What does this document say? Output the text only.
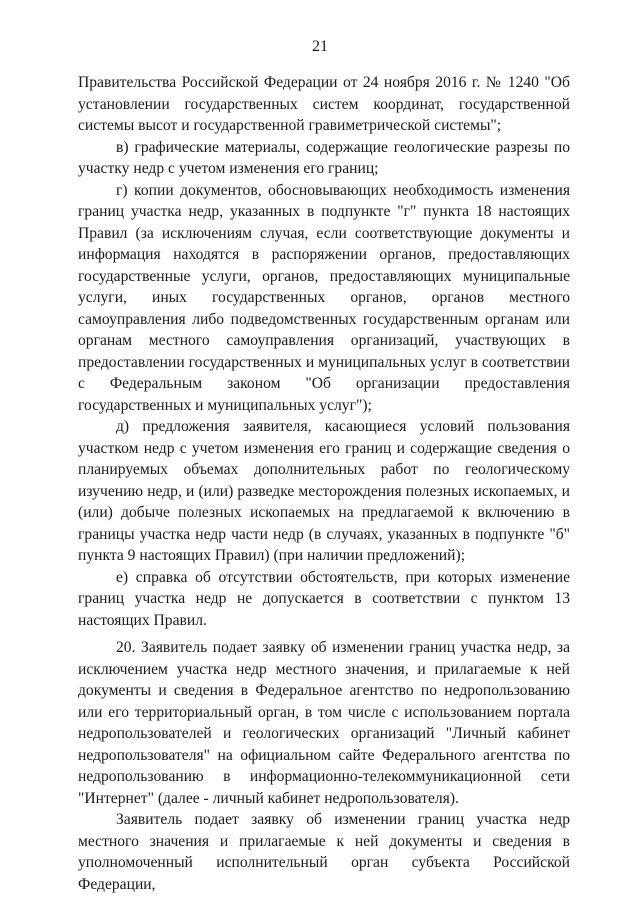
21

Правительства Российской Федерации от 24 ноября 2016 г. № 1240 "Об установлении государственных систем координат, государственной системы высот и государственной гравиметрической системы";

в) графические материалы, содержащие геологические разрезы по участку недр с учетом изменения его границ;

г) копии документов, обосновывающих необходимость изменения границ участка недр, указанных в подпункте "г" пункта 18 настоящих Правил (за исключениям случая, если соответствующие документы и информация находятся в распоряжении органов, предоставляющих государственные услуги, органов, предоставляющих муниципальные услуги, иных государственных органов, органов местного самоуправления либо подведомственных государственным органам или органам местного самоуправления организаций, участвующих в предоставлении государственных и муниципальных услуг в соответствии с Федеральным законом "Об организации предоставления государственных и муниципальных услуг");

д) предложения заявителя, касающиеся условий пользования участком недр с учетом изменения его границ и содержащие сведения о планируемых объемах дополнительных работ по геологическому изучению недр, и (или) разведке месторождения полезных ископаемых, и (или) добыче полезных ископаемых на предлагаемой к включению в границы участка недр части недр (в случаях, указанных в подпункте "б" пункта 9 настоящих Правил) (при наличии предложений);

е) справка об отсутствии обстоятельств, при которых изменение границ участка недр не допускается в соответствии с пунктом 13 настоящих Правил.

20. Заявитель подает заявку об изменении границ участка недр, за исключением участка недр местного значения, и прилагаемые к ней документы и сведения в Федеральное агентство по недропользованию или его территориальный орган, в том числе с использованием портала недропользователей и геологических организаций "Личный кабинет недропользователя" на официальном сайте Федерального агентства по недропользованию в информационно-телекоммуникационной сети "Интернет" (далее - личный кабинет недропользователя).

Заявитель подает заявку об изменении границ участка недр местного значения и прилагаемые к ней документы и сведения в уполномоченный исполнительный орган субъекта Российской Федерации,
